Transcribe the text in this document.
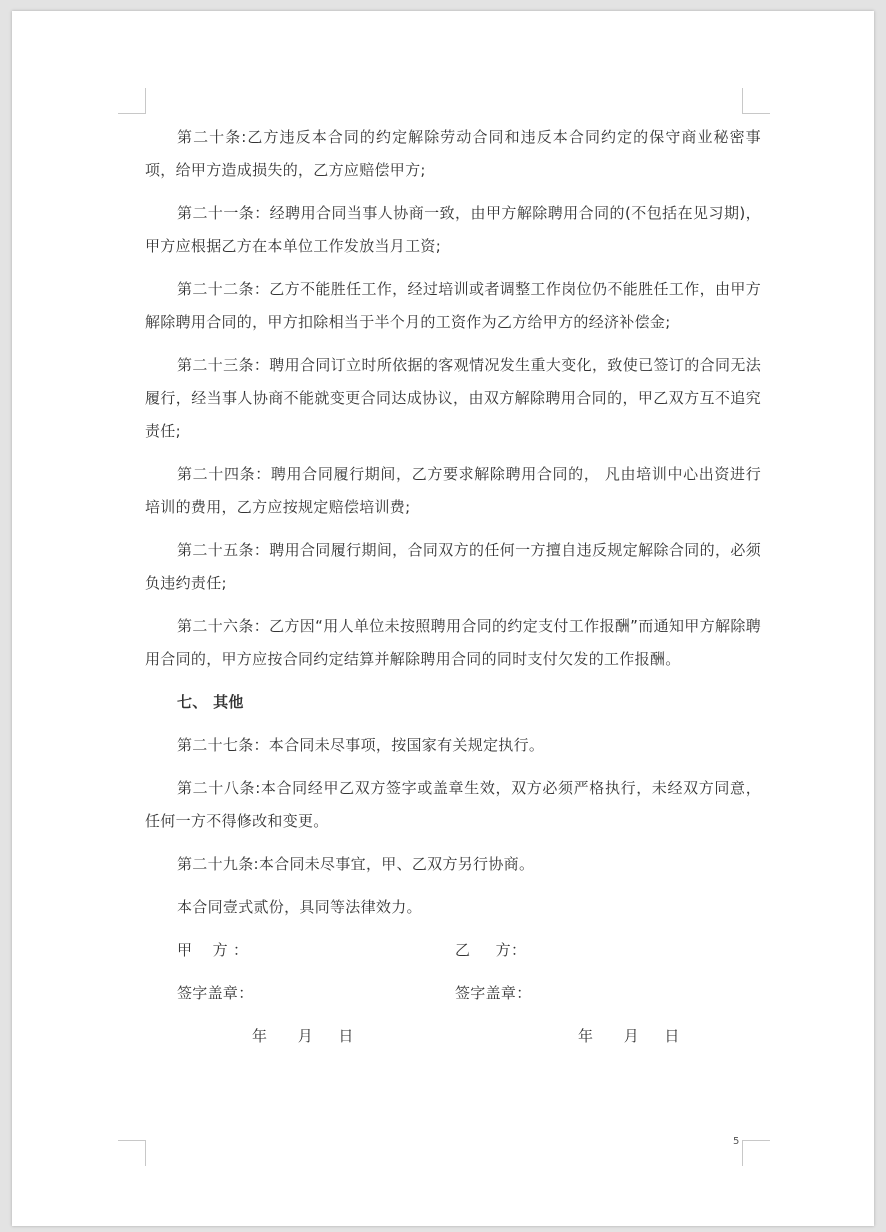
第二十条:乙方违反本合同的约定解除劳动合同和违反本合同约定的保守商业秘密事项，给甲方造成损失的，乙方应赔偿甲方;

第二十一条：经聘用合同当事人协商一致，由甲方解除聘用合同的(不包括在见习期)，甲方应根据乙方在本单位工作发放当月工资;

第二十二条：乙方不能胜任工作，经过培训或者调整工作岗位仍不能胜任工作，由甲方解除聘用合同的，甲方扣除相当于半个月的工资作为乙方给甲方的经济补偿金;

第二十三条：聘用合同订立时所依据的客观情况发生重大变化，致使已签订的合同无法履行，经当事人协商不能就变更合同达成协议，由双方解除聘用合同的，甲乙双方互不追究责任;

第二十四条：聘用合同履行期间，乙方要求解除聘用合同的， 凡由培训中心出资进行培训的费用，乙方应按规定赔偿培训费;

第二十五条：聘用合同履行期间，合同双方的任何一方擅自违反规定解除合同的，必须负违约责任;

第二十六条：乙方因“用人单位未按照聘用合同的约定支付工作报酬”而通知甲方解除聘用合同的，甲方应按合同约定结算并解除聘用合同的同时支付欠发的工作报酬。

七、 其他

第二十七条：本合同未尽事项，按国家有关规定执行。

第二十八条:本合同经甲乙双方签字或盖章生效，双方必须严格执行，未经双方同意，任何一方不得修改和变更。

第二十九条:本合同未尽事宜，甲、乙双方另行协商。

本合同壹式贰份，具同等法律效力。

甲    方 ：	乙     方：
签字盖章：	签字盖章：
年      月     日	年      月     日
5
